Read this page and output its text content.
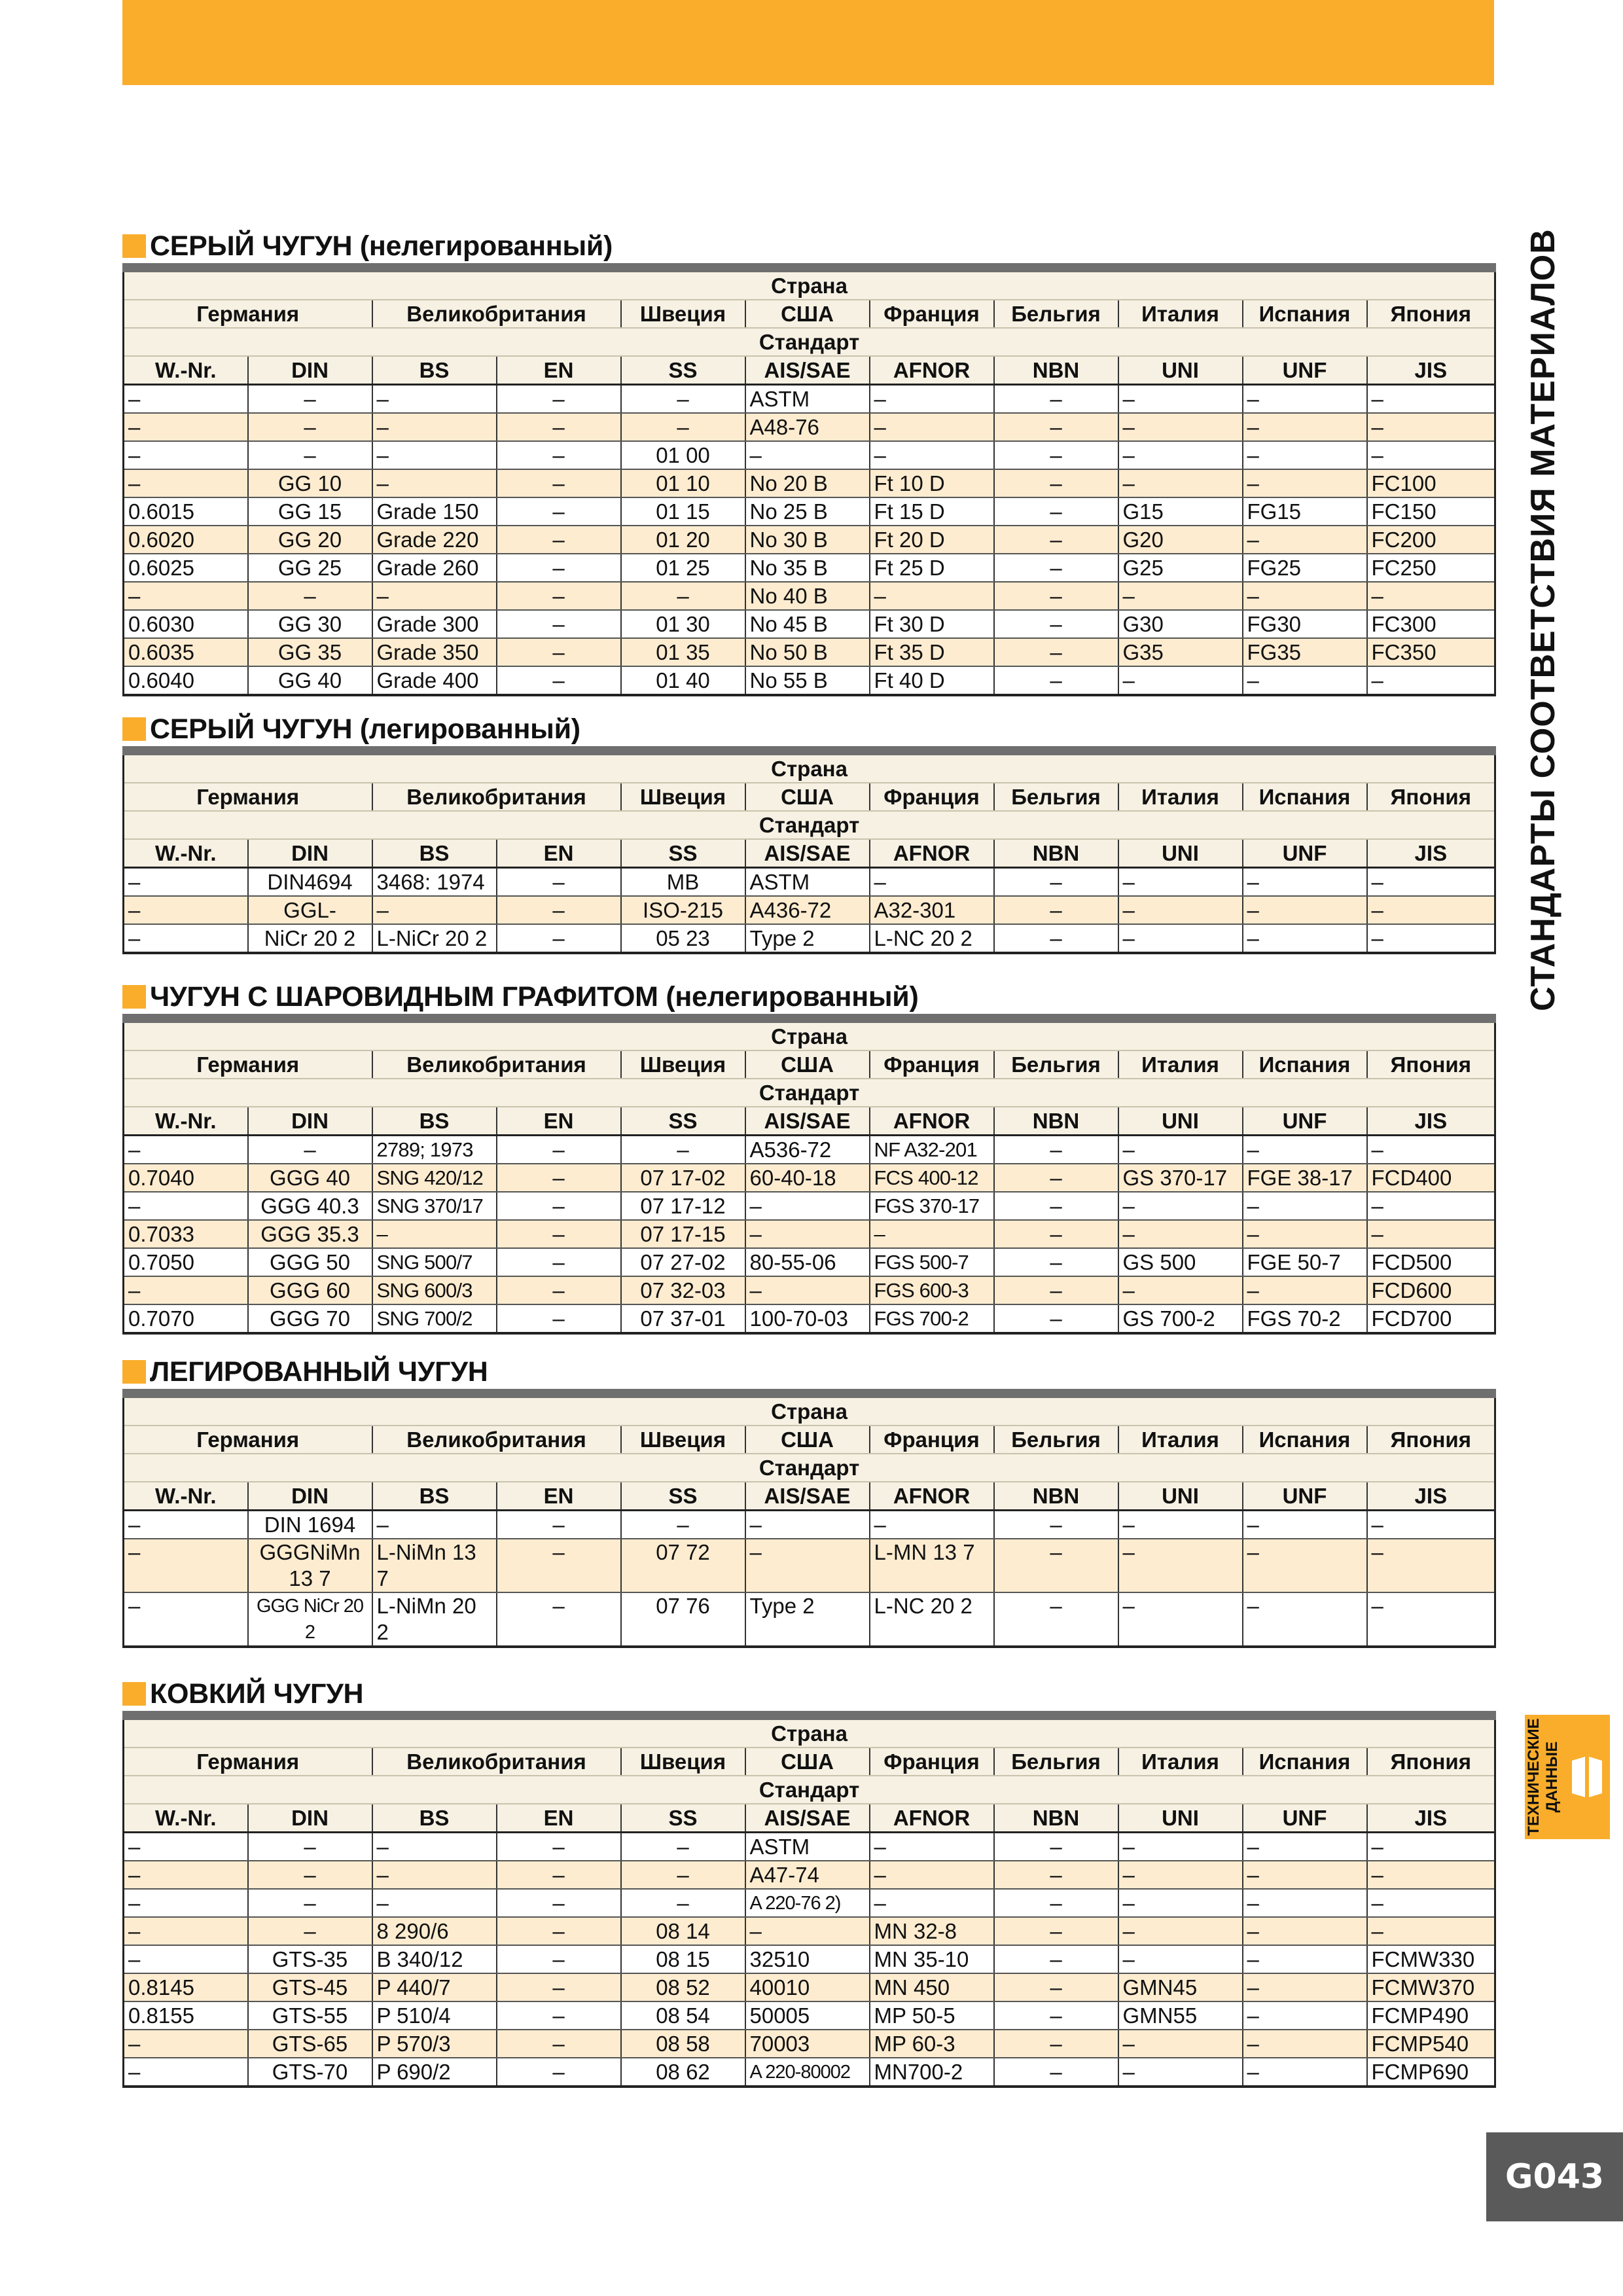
СЕРЫЙ ЧУГУН
(нелегированный)
Страна										
Германия		Великобритания		Швеция	США	Франция	Бельгия	Италия	Испания	Япония
Стандарт										
W.-Nr.	DIN	BS	EN	SS	AIS/SAE	AFNOR	NBN	UNI	UNF	JIS
–	–	–	–	–	ASTM	–	–	–	–	–
–	–	–	–	–	A48-76	–	–	–	–	–
–	–	–	–	01 00	–	–	–	–	–	–
–	GG 10	–	–	01 10	No 20 B	Ft 10 D	–	–	–	FC100
0.6015	GG 15	Grade 150	–	01 15	No 25 B	Ft 15 D	–	G15	FG15	FC150
0.6020	GG 20	Grade 220	–	01 20	No 30 B	Ft 20 D	–	G20	–	FC200
0.6025	GG 25	Grade 260	–	01 25	No 35 B	Ft 25 D	–	G25	FG25	FC250
–	–	–	–	–	No 40 B	–	–	–	–	–
0.6030	GG 30	Grade 300	–	01 30	No 45 B	Ft 30 D	–	G30	FG30	FC300
0.6035	GG 35	Grade 350	–	01 35	No 50 B	Ft 35 D	–	G35	FG35	FC350
0.6040	GG 40	Grade 400	–	01 40	No 55 B	Ft 40 D	–	–	–	–
СЕРЫЙ ЧУГУН
(легированный)
Страна										
Германия		Великобритания		Швеция	США	Франция	Бельгия	Италия	Испания	Япония
Стандарт										
W.-Nr.	DIN	BS	EN	SS	AIS/SAE	AFNOR	NBN	UNI	UNF	JIS
–	DIN4694	3468: 1974	–	MB	ASTM	–	–	–	–	–
–	GGL-	–	–	ISO-215	A436-72	A32-301	–	–	–	–
–	NiCr 20 2	L-NiCr 20 2	–	05 23	Type 2	L-NC 20 2	–	–	–	–
ЧУГУН С ШАРОВИДНЫМ ГРАФИТОМ
(нелегированный)
Страна										
Германия		Великобритания		Швеция	США	Франция	Бельгия	Италия	Испания	Япония
Стандарт										
W.-Nr.	DIN	BS	EN	SS	AIS/SAE	AFNOR	NBN	UNI	UNF	JIS
–	–	2789; 1973	–	–	A536-72	NF A32-201	–	–	–	–
0.7040	GGG 40	SNG 420/12	–	07 17-02	60-40-18	FCS 400-12	–	GS 370-17	FGE 38-17	FCD400
–	GGG 40.3	SNG 370/17	–	07 17-12	–	FGS 370-17	–	–	–	–
0.7033	GGG 35.3	–	–	07 17-15	–	–	–	–	–	–
0.7050	GGG 50	SNG 500/7	–	07 27-02	80-55-06	FGS 500-7	–	GS 500	FGE 50-7	FCD500
–	GGG 60	SNG 600/3	–	07 32-03	–	FGS 600-3	–	–	–	FCD600
0.7070	GGG 70	SNG 700/2	–	07 37-01	100-70-03	FGS 700-2	–	GS 700-2	FGS 70-2	FCD700
ЛЕГИРОВАННЫЙ ЧУГУН
Страна										
Германия		Великобритания		Швеция	США	Франция	Бельгия	Италия	Испания	Япония
Стандарт										
W.-Nr.	DIN	BS	EN	SS	AIS/SAE	AFNOR	NBN	UNI	UNF	JIS
–	DIN 1694	–	–	–	–	–	–	–	–	–
–	GGGNiMn 13 7	L-NiMn 13 7	–	07 72	–	L-MN 13 7	–	–	–	–
–	GGG NiCr 20 2	L-NiMn 20 2	–	07 76	Type 2	L-NC 20 2	–	–	–	–
КОВКИЙ ЧУГУН
Страна										
Германия		Великобритания		Швеция	США	Франция	Бельгия	Италия	Испания	Япония
Стандарт										
W.-Nr.	DIN	BS	EN	SS	AIS/SAE	AFNOR	NBN	UNI	UNF	JIS
–	–	–	–	–	ASTM	–	–	–	–	–
–	–	–	–	–	A47-74	–	–	–	–	–
–	–	–	–	–	A 220-76 2)	–	–	–	–	–
–	–	8 290/6	–	08 14	–	MN 32-8	–	–	–	–
–	GTS-35	B 340/12	–	08 15	32510	MN 35-10	–	–	–	FCMW330
0.8145	GTS-45	P 440/7	–	08 52	40010	MN 450	–	GMN45	–	FCMW370
0.8155	GTS-55	P 510/4	–	08 54	50005	MP 50-5	–	GMN55	–	FCMP490
–	GTS-65	P 570/3	–	08 58	70003	MP 60-3	–	–	–	FCMP540
–	GTS-70	P 690/2	–	08 62	A 220-80002	MN700-2	–	–	–	FCMP690
СТАНДАРТЫ СООТВЕТСТВИЯ МАТЕРИАЛОВ
ТЕХНИЧЕСКИЕ ДАННЫЕ
G043
